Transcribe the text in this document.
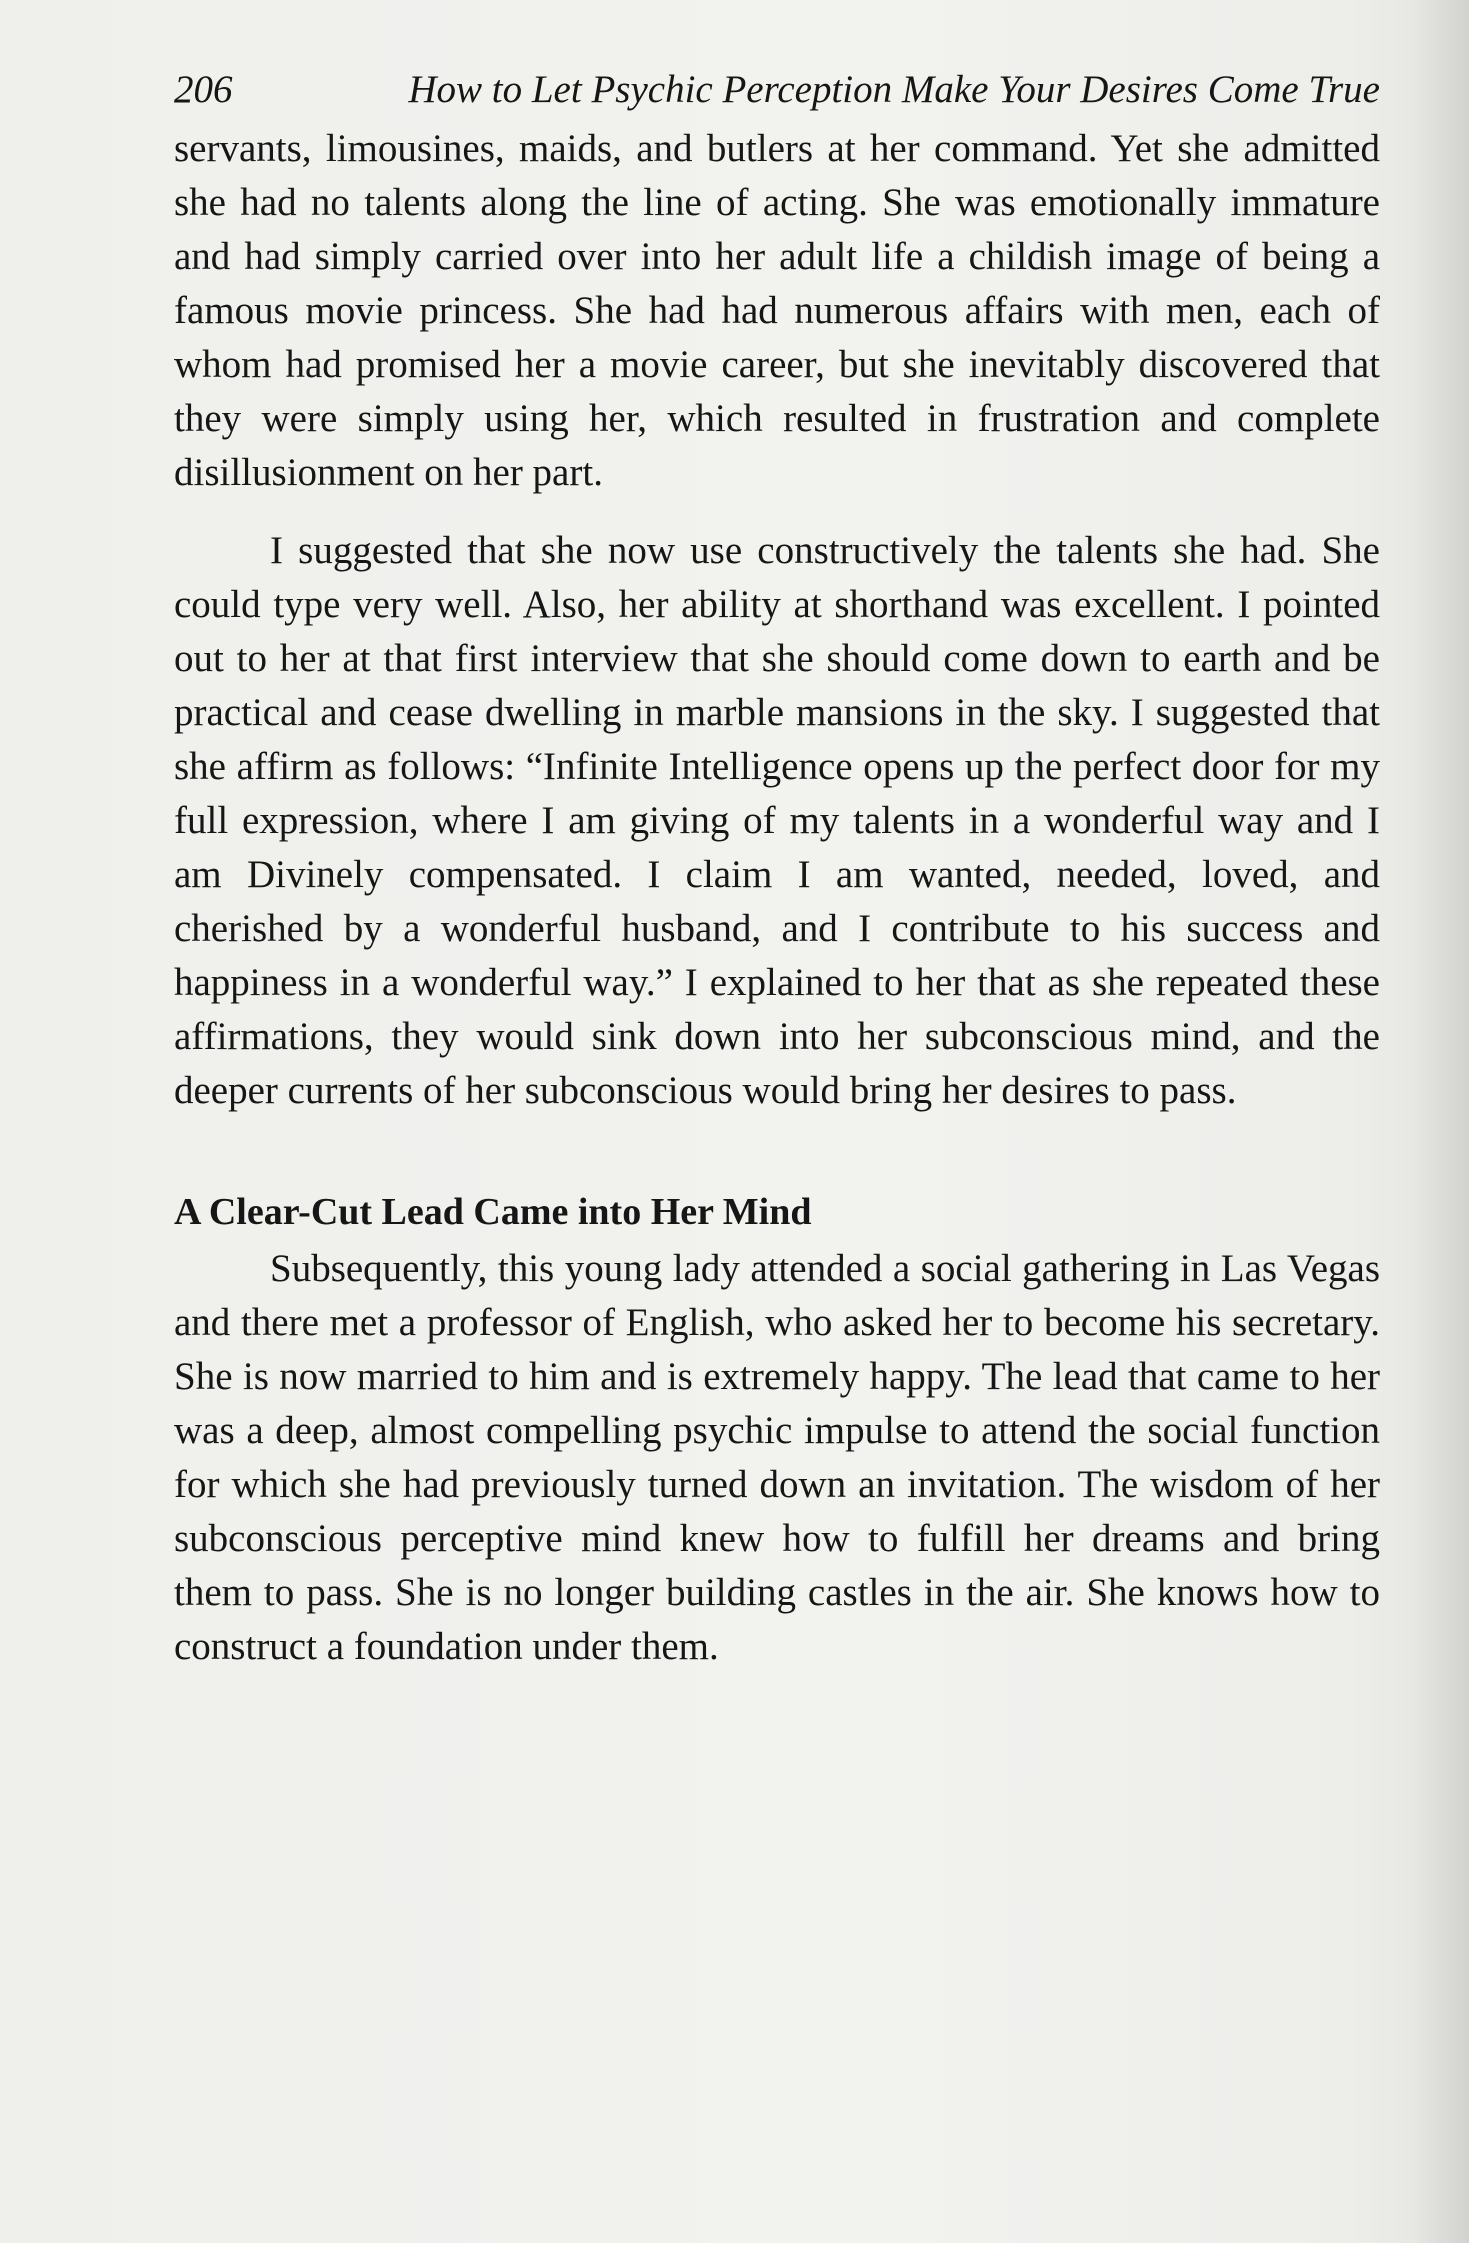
206	How to Let Psychic Perception Make Your Desires Come True

servants, limousines, maids, and butlers at her command. Yet she admitted she had no talents along the line of acting. She was emotionally immature and had simply carried over into her adult life a childish image of being a famous movie princess. She had had numerous affairs with men, each of whom had promised her a movie career, but she inevitably discovered that they were simply using her, which resulted in frustration and complete disillusionment on her part.

I suggested that she now use constructively the talents she had. She could type very well. Also, her ability at shorthand was excellent. I pointed out to her at that first interview that she should come down to earth and be practical and cease dwelling in marble mansions in the sky. I suggested that she affirm as follows: “Infinite Intelligence opens up the perfect door for my full expression, where I am giving of my talents in a wonderful way and I am Divinely compensated. I claim I am wanted, needed, loved, and cherished by a wonderful husband, and I contribute to his success and happiness in a wonderful way.” I explained to her that as she repeated these affirmations, they would sink down into her subconscious mind, and the deeper currents of her subconscious would bring her desires to pass.

A Clear-Cut Lead Came into Her Mind

Subsequently, this young lady attended a social gathering in Las Vegas and there met a professor of English, who asked her to become his secretary. She is now married to him and is extremely happy. The lead that came to her was a deep, almost compelling psychic impulse to attend the social function for which she had previously turned down an invitation. The wisdom of her subconscious perceptive mind knew how to fulfill her dreams and bring them to pass. She is no longer building castles in the air. She knows how to construct a foundation under them.
